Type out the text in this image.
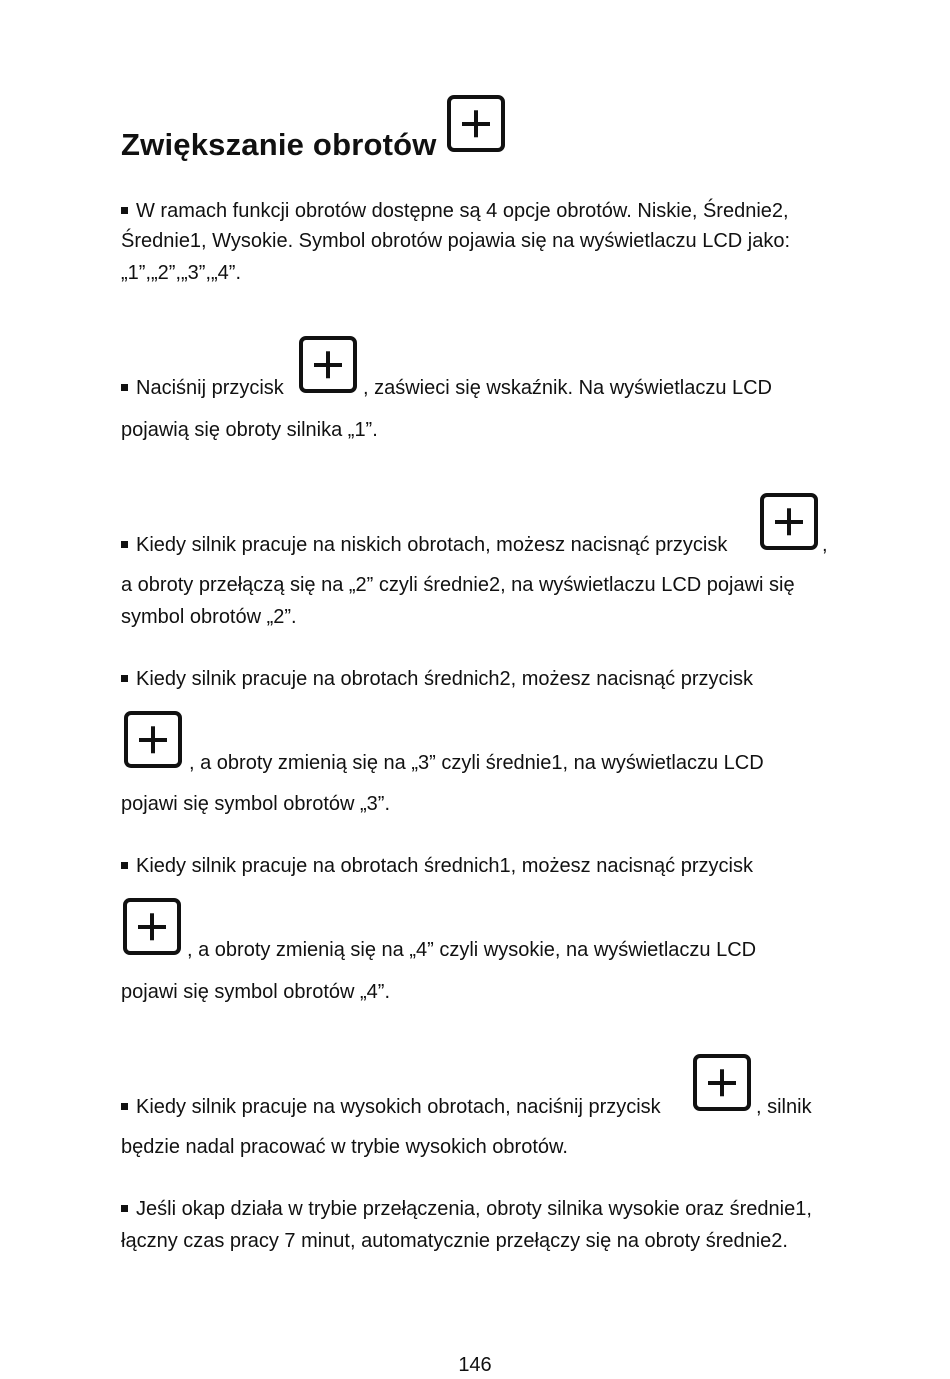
Zwiększanie obrotów
W ramach funkcji obrotów dostępne są 4 opcje obrotów. Niskie, Średnie2,
Średnie1, Wysokie. Symbol obrotów pojawia się na wyświetlaczu LCD jako:
„1”,„2”,„3”,„4”.
Naciśnij przycisk	, zaświeci się wskaźnik. Na wyświetlaczu LCD
pojawią się obroty silnika „1”.
Kiedy silnik pracuje na niskich obrotach, możesz nacisnąć przycisk	,
a obroty przełączą się na „2” czyli średnie2, na wyświetlaczu LCD pojawi się
symbol obrotów „2”.
Kiedy silnik pracuje na obrotach średnich2, możesz nacisnąć przycisk
, a obroty zmienią się na „3” czyli średnie1, na wyświetlaczu LCD
pojawi się symbol obrotów „3”.
Kiedy silnik pracuje na obrotach średnich1, możesz nacisnąć przycisk
, a obroty zmienią się na „4” czyli wysokie, na wyświetlaczu LCD
pojawi się symbol obrotów „4”.
Kiedy silnik pracuje na wysokich obrotach, naciśnij przycisk	, silnik
będzie nadal pracować w trybie wysokich obrotów.
Jeśli okap działa w trybie przełączenia, obroty silnika wysokie oraz średnie1,
łączny czas pracy 7 minut, automatycznie przełączy się na obroty średnie2.
146
